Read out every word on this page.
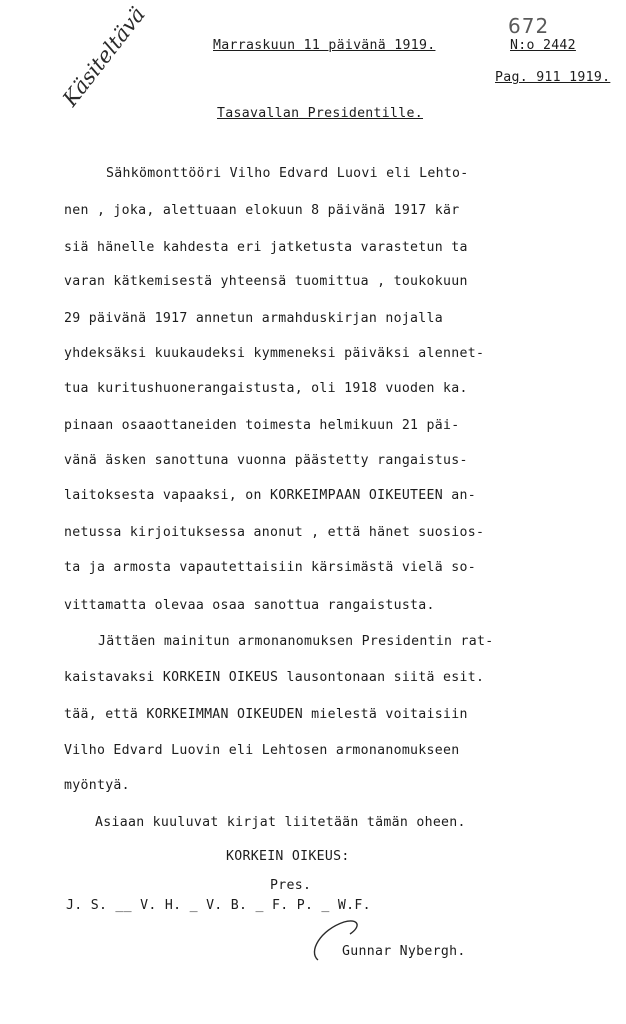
672
Marraskuun 11 päivänä 1919.	N:o 2442
Pag. 911 1919.
Käsiteltävä
Tasavallan Presidentille.
Sähkömonttööri Vilho Edvard Luovi eli Lehto-
nen , joka, alettuaan elokuun 8 päivänä 1917 kär
siä hänelle kahdesta eri jatketusta varastetun ta
varan kätkemisestä yhteensä tuomittua , toukokuun
29 päivänä 1917 annetun armahduskirjan nojalla
yhdeksäksi kuukaudeksi kymmeneksi päiväksi alennet-
tua kuritushuonerangaistusta, oli 1918 vuoden ka.
pinaan osaaottaneiden toimesta helmikuun 21 päi-
vänä äsken sanottuna vuonna päästetty rangaistus-
laitoksesta vapaaksi, on KORKEIMPAAN OIKEUTEEN an-
netussa kirjoituksessa anonut , että hänet suosios-
ta ja armosta vapautettaisiin kärsimästä vielä so-
vittamatta olevaa osaa sanottua rangaistusta.
Jättäen mainitun armonanomuksen Presidentin rat-
kaistavaksi KORKEIN OIKEUS lausontonaan siitä esit.
tää, että KORKEIMMAN OIKEUDEN mielestä voitaisiin
Vilho Edvard Luovin eli Lehtosen armonanomukseen
myöntyä.
Asiaan kuuluvat kirjat liitetään tämän oheen.
KORKEIN OIKEUS:
Pres.
J. S. __ V. H. _ V. B. _ F. P. _ W.F.
Gunnar Nybergh.
